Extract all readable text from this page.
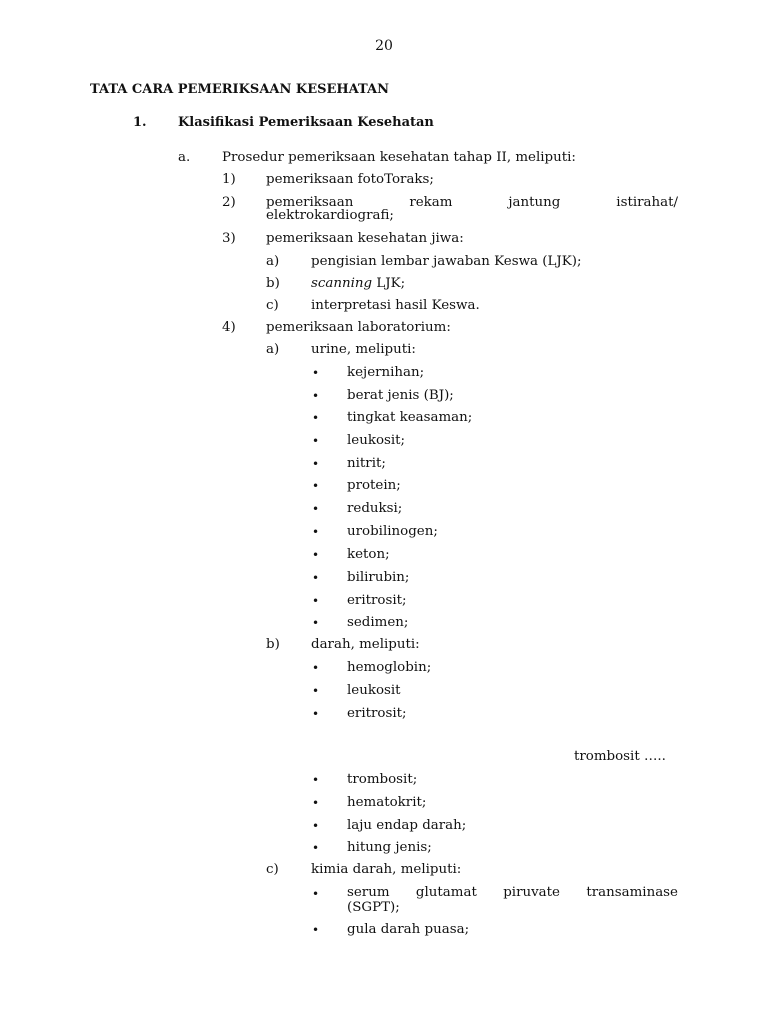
20
TATA CARA PEMERIKSAAN KESEHATAN
1. Klasifikasi Pemeriksaan Kesehatan
a. Prosedur pemeriksaan kesehatan tahap II, meliputi:
1) pemeriksaan fotoToraks;
2) pemeriksaan	rekam	jantung	istirahat/
elektrokardiografi;
3) pemeriksaan kesehatan jiwa:
a) pengisian lembar jawaban Keswa (LJK);
b) scanning LJK;
c) interpretasi hasil Keswa.
4) pemeriksaan laboratorium:
a) urine, meliputi:
• kejernihan;
• berat jenis (BJ);
• tingkat keasaman;
• leukosit;
• nitrit;
• protein;
• reduksi;
• urobilinogen;
• keton;
• bilirubin;
• eritrosit;
• sedimen;
b) darah, meliputi:
• hemoglobin;
• leukosit
• eritrosit;
trombosit …..
• trombosit;
• hematokrit;
• laju endap darah;
• hitung jenis;
c) kimia darah, meliputi:
• serum glutamat piruvate transaminase
(SGPT);
• gula darah puasa;
